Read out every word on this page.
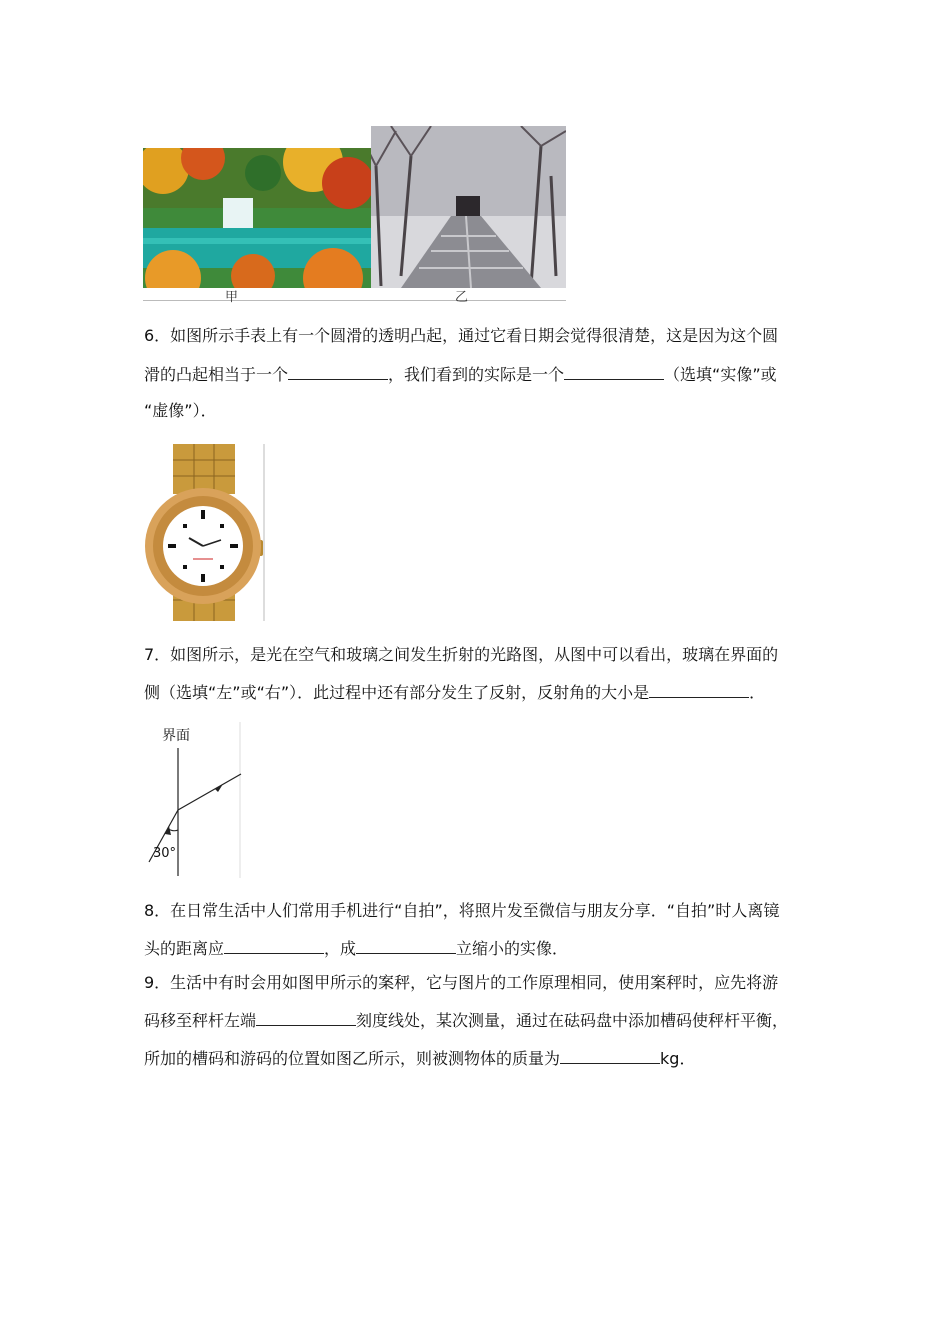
甲	乙
6．如图所示手表上有一个圆滑的透明凸起，通过它看日期会觉得很清楚，这是因为这个圆
滑的凸起相当于一个	，我们看到的实际是一个	（选填“实像”或
“虚像”）．
7．如图所示，是光在空气和玻璃之间发生折射的光路图，从图中可以看出，玻璃在界面的
侧（选填“左”或“右”）．此过程中还有部分发生了反射，反射角的大小是	．
界面
30°
8．在日常生活中人们常用手机进行“自拍”，将照片发至微信与朋友分享．“自拍”时人离镜
头的距离应	，成	立缩小的实像．
9．生活中有时会用如图甲所示的案秤，它与图片的工作原理相同，使用案秤时，应先将游
码移至秤杆左端	刻度线处，某次测量，通过在砝码盘中添加槽码使秤杆平衡，
所加的槽码和游码的位置如图乙所示，则被测物体的质量为	kg．
